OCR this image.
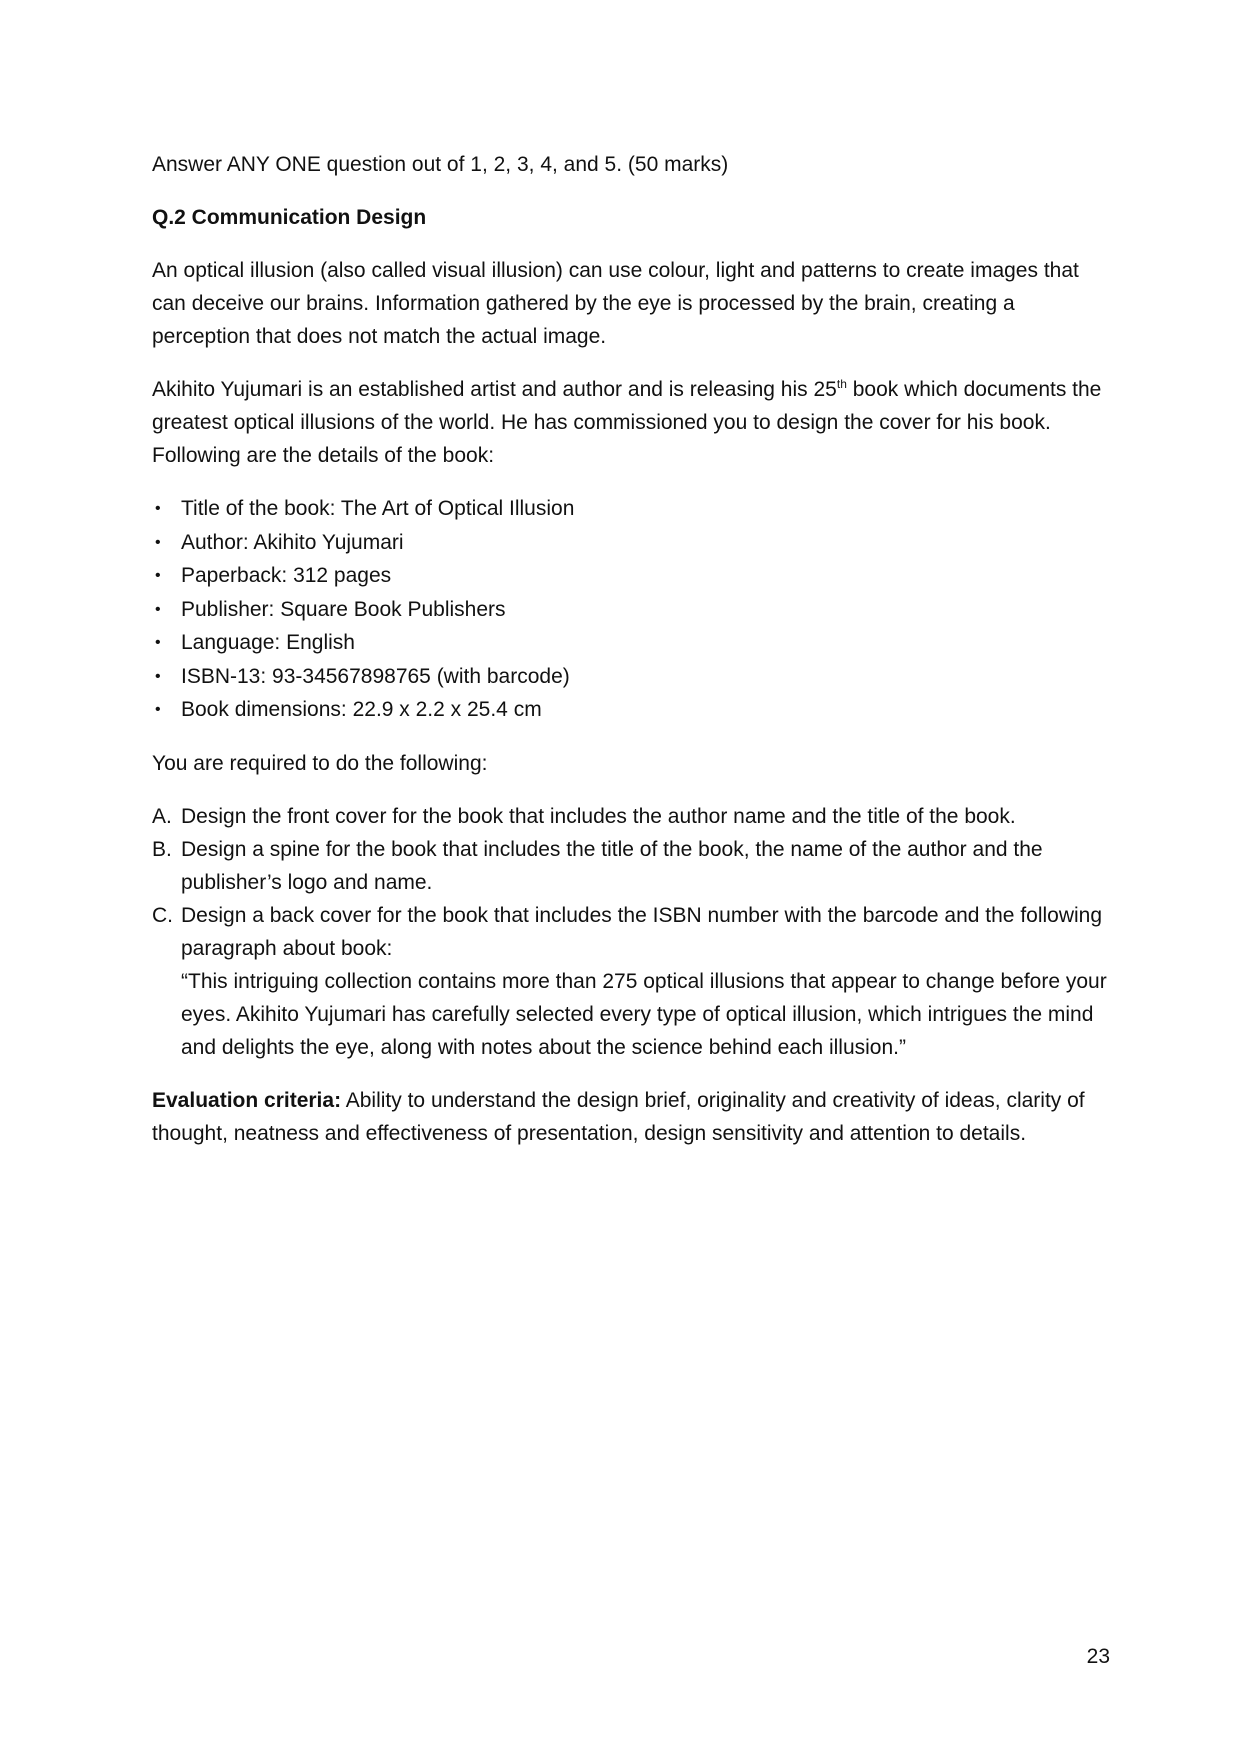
Answer ANY ONE question out of 1, 2, 3, 4, and 5. (50 marks)

Q.2 Communication Design

An optical illusion (also called visual illusion) can use colour, light and patterns to create images that can deceive our brains. Information gathered by the eye is processed by the brain, creating a perception that does not match the actual image.

Akihito Yujumari is an established artist and author and is releasing his 25th book which documents the greatest optical illusions of the world. He has commissioned you to design the cover for his book. Following are the details of the book:

• Title of the book: The Art of Optical Illusion
• Author: Akihito Yujumari
• Paperback: 312 pages
• Publisher: Square Book Publishers
• Language: English
• ISBN-13: 93-34567898765 (with barcode)
• Book dimensions: 22.9 x 2.2 x 25.4 cm

You are required to do the following:

A. Design the front cover for the book that includes the author name and the title of the book.
B. Design a spine for the book that includes the title of the book, the name of the author and the publisher’s logo and name.
C. Design a back cover for the book that includes the ISBN number with the barcode and the following paragraph about book:
“This intriguing collection contains more than 275 optical illusions that appear to change before your eyes. Akihito Yujumari has carefully selected every type of optical illusion, which intrigues the mind and delights the eye, along with notes about the science behind each illusion.”

Evaluation criteria: Ability to understand the design brief, originality and creativity of ideas, clarity of thought, neatness and effectiveness of presentation, design sensitivity and attention to details.

23
